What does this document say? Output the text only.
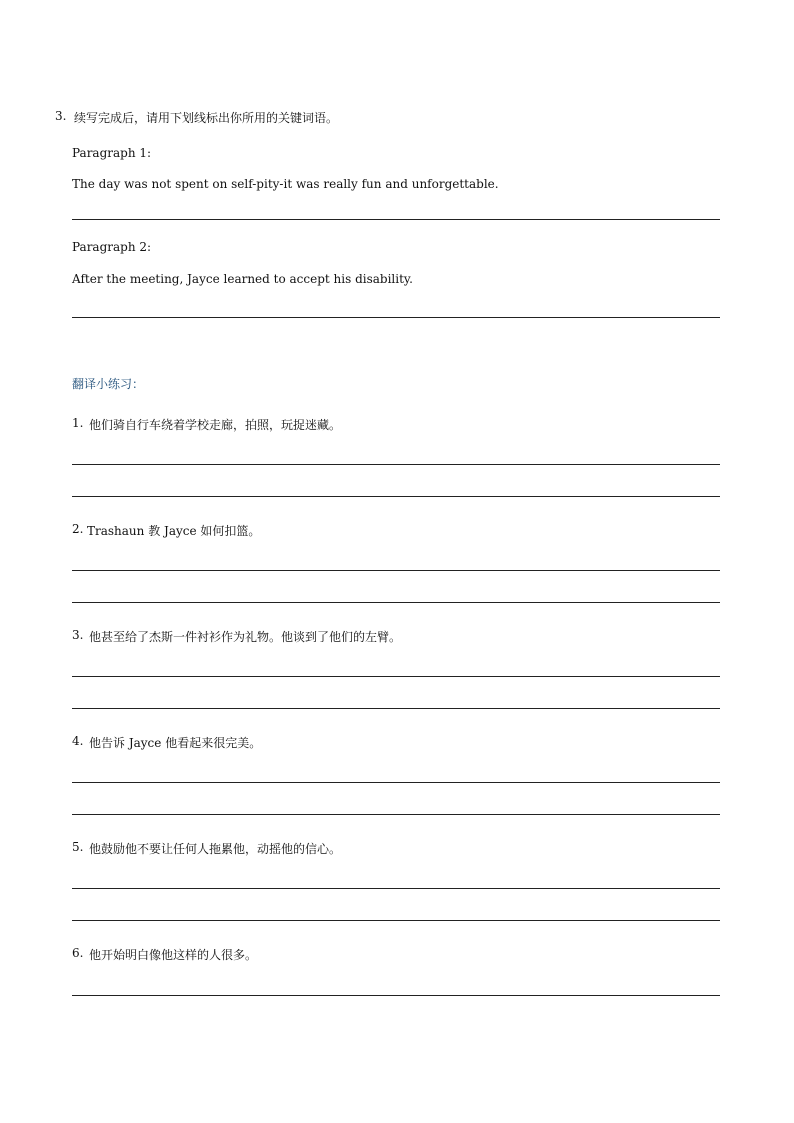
3. 续写完成后，请用下划线标出你所用的关键词语。
Paragraph 1:
The day was not spent on self-pity-it was really fun and unforgettable.
Paragraph 2:
After the meeting, Jayce learned to accept his disability.
翻译小练习：
1. 他们骑自行车绕着学校走廊，拍照，玩捉迷藏。
2. Trashaun 教 Jayce 如何扣篮。
3. 他甚至给了杰斯一件衬衫作为礼物。他谈到了他们的左臂。
4. 他告诉 Jayce 他看起来很完美。
5. 他鼓励他不要让任何人拖累他，动摇他的信心。
6. 他开始明白像他这样的人很多。
